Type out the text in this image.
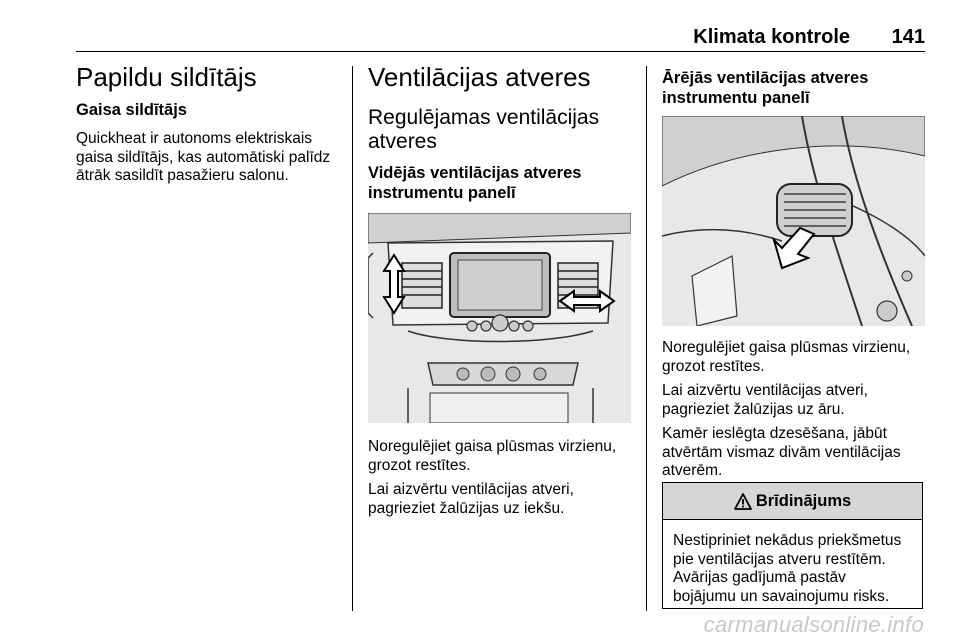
Klimata kontrole 141
Papildu sildītājs
Gaisa sildītājs
Quickheat ir autonoms elektriskais
gaisa sildītājs, kas automātiski palīdz
ātrāk sasildīt pasažieru salonu.
Ventilācijas atveres
Regulējamas ventilācijas
atveres
Vidējās ventilācijas atveres
instrumentu panelī
Noregulējiet gaisa plūsmas virzienu,
grozot restītes.
Lai aizvērtu ventilācijas atveri,
pagrieziet žalūzijas uz iekšu.
Ārējās ventilācijas atveres
instrumentu panelī
Noregulējiet gaisa plūsmas virzienu,
grozot restītes.
Lai aizvērtu ventilācijas atveri,
pagrieziet žalūzijas uz āru.
Kamēr ieslēgta dzesēšana, jābūt
atvērtām vismaz divām ventilācijas
atverēm.
Brīdinājums
Nestipriniet nekādus priekšmetus
pie ventilācijas atveru restītēm.
Avārijas gadījumā pastāv
bojājumu un savainojumu risks.
carmanualsonline.info
